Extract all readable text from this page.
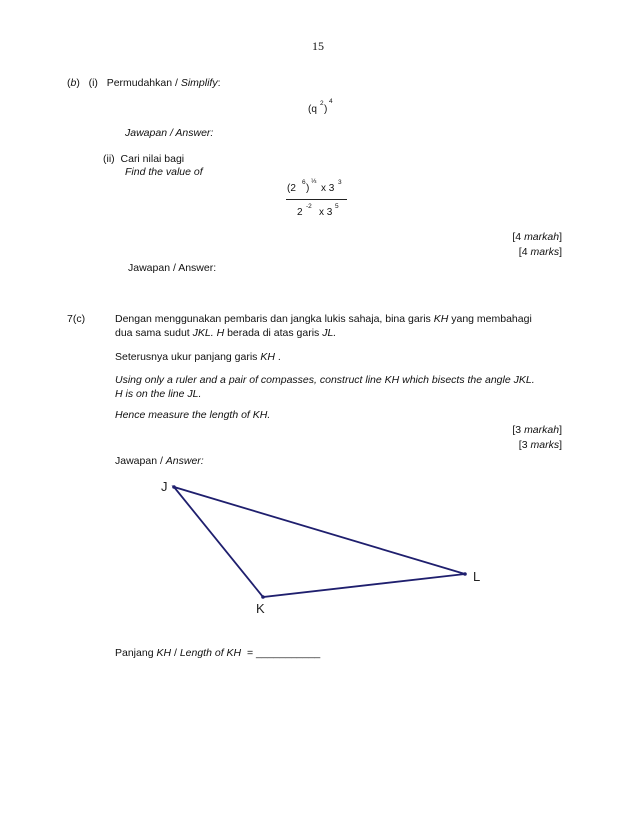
15
(b)   (i) Permudahkan / Simplify:
(q
2
)
4
Jawapan / Answer:
(ii) Cari nilai bagi
Find the value of
(2
6
)
⅓
x 3
3
2
-2
x 3
5
[4 markah]
[4 marks]
Jawapan / Answer:
7(c)	Dengan menggunakan pembaris dan jangka lukis sahaja, bina garis KH yang membahagi
dua sama sudut JKL. H berada di atas garis JL.
Seterusnya ukur panjang garis KH .
Using only a ruler and a pair of compasses, construct line KH which bisects the angle JKL.
H is on the line JL.
Hence measure the length of KH.
[3 markah]
[3 marks]
Jawapan / Answer:
J
K
L
Panjang KH / Length of KH = ___________
